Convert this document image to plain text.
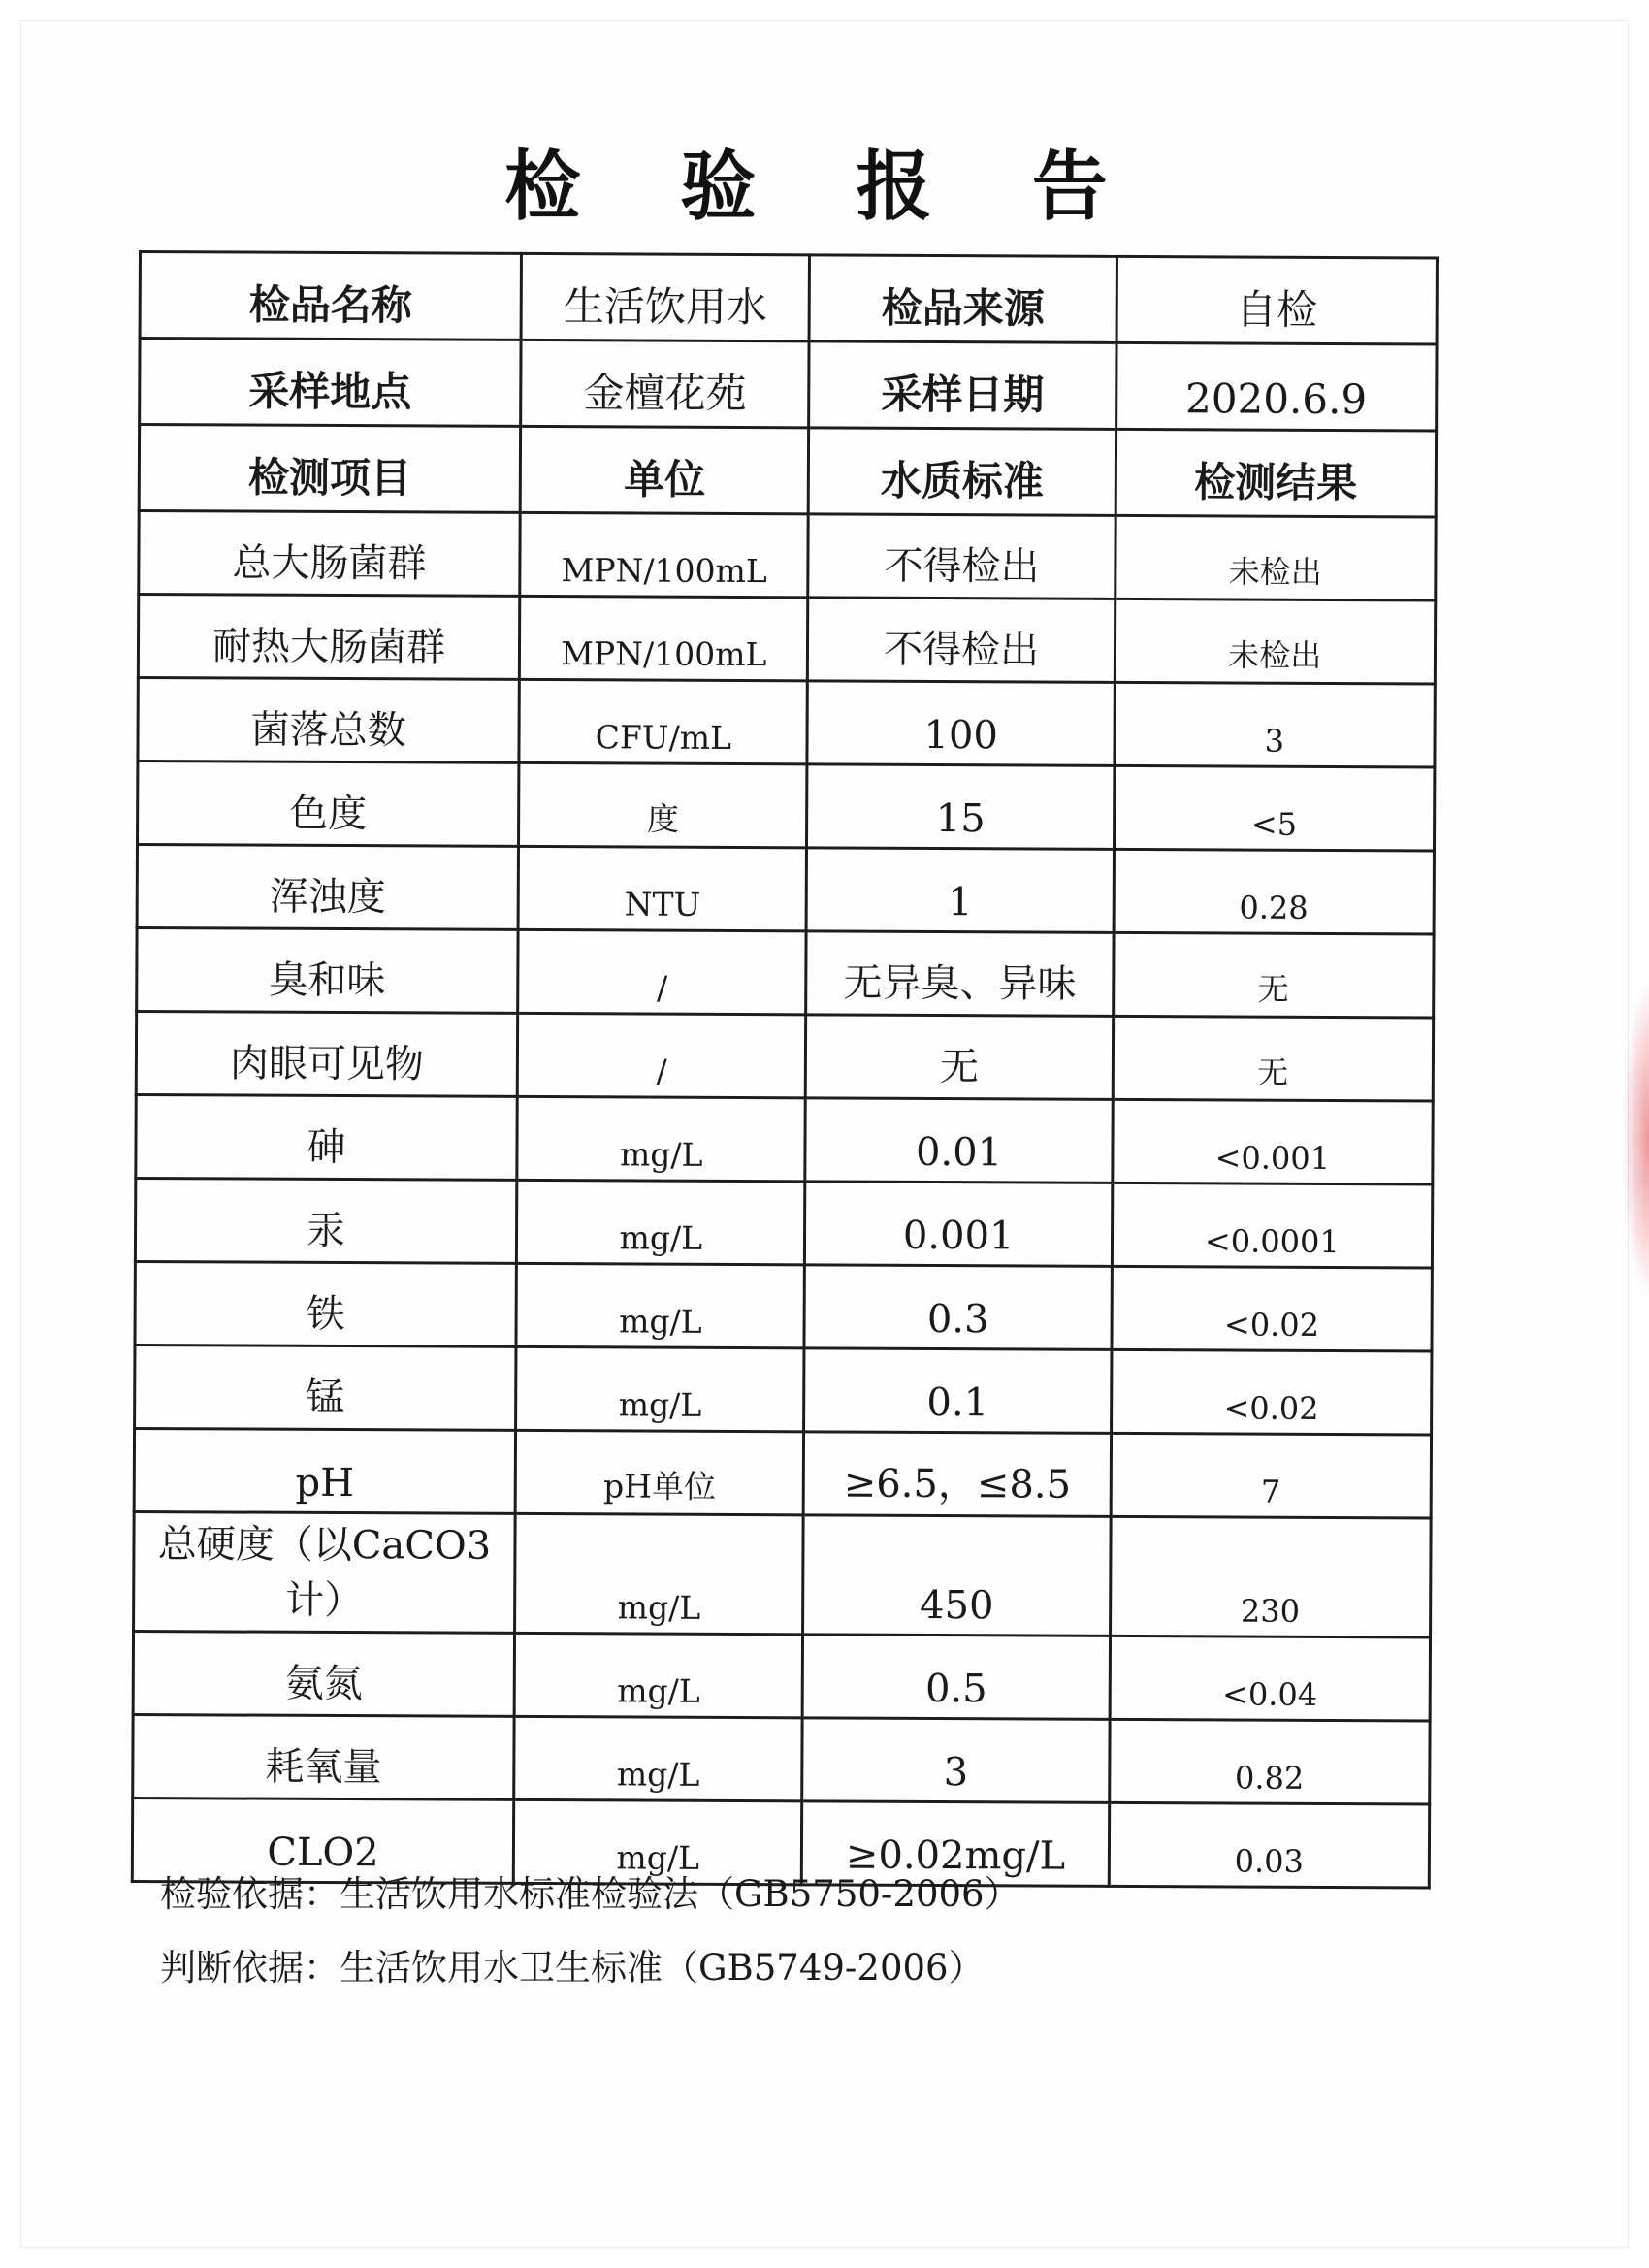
检 验 报 告
检品名称	生活饮用水	检品来源	自检
采样地点	金檀花苑	采样日期	2020.6.9
检测项目	单位	水质标准	检测结果
总大肠菌群	MPN/100mL	不得检出	未检出
耐热大肠菌群	MPN/100mL	不得检出	未检出
菌落总数	CFU/mL	100	3
色度	度	15	<5
浑浊度	NTU	1	0.28
臭和味	/	无异臭、异味	无
肉眼可见物	/	无	无
砷	mg/L	0.01	<0.001
汞	mg/L	0.001	<0.0001
铁	mg/L	0.3	<0.02
锰	mg/L	0.1	<0.02
pH	pH单位	≥6.5，≤8.5	7
总硬度（以CaCO3计）	mg/L	450	230
氨氮	mg/L	0.5	<0.04
耗氧量	mg/L	3	0.82
CLO2	mg/L	≥0.02mg/L	0.03
检验依据：生活饮用水标准检验法（GB5750-2006）
判断依据：生活饮用水卫生标准（GB5749-2006）
